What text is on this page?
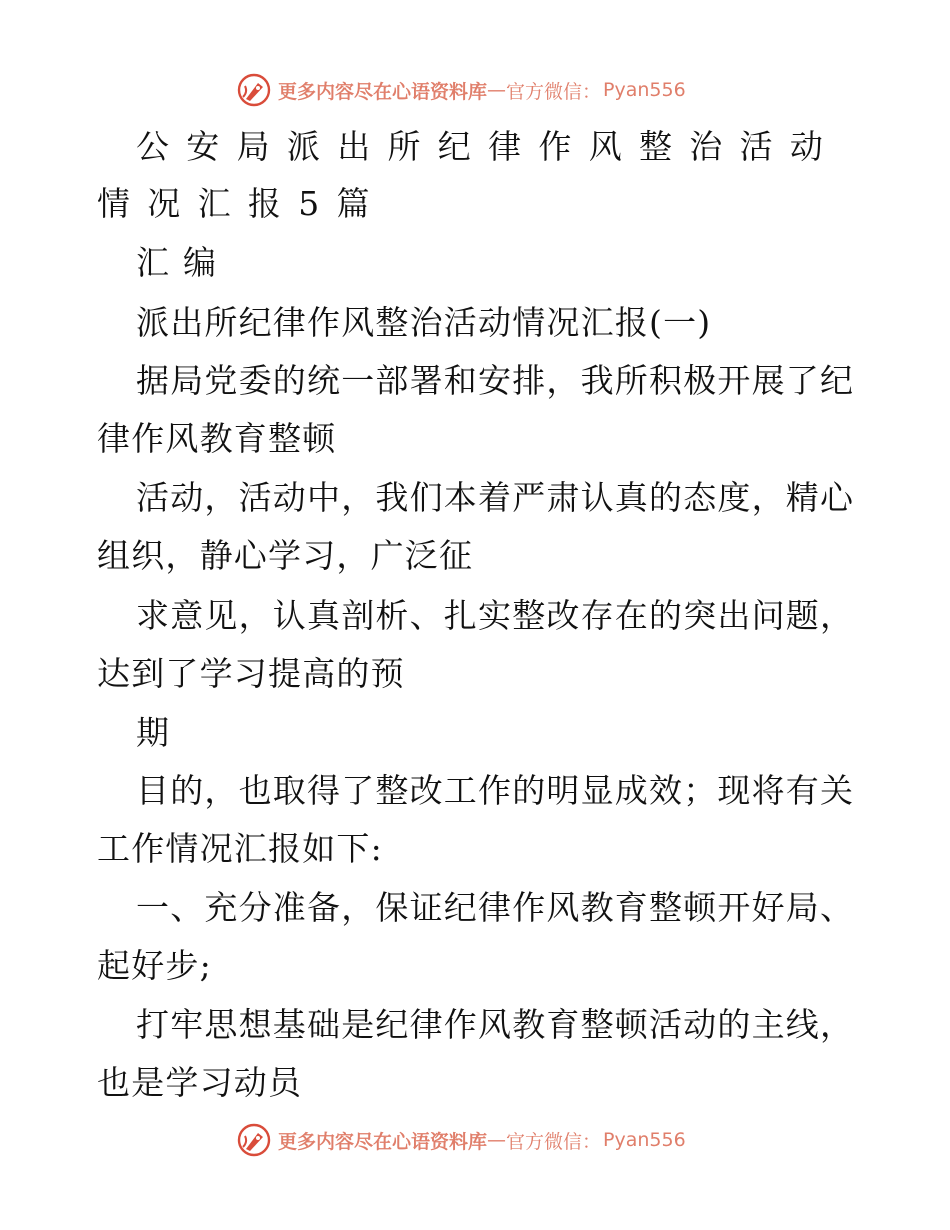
更多内容尽在心语资料库 — 官方微信： Pyan556
公安局派出所纪律作风整治活动
情况汇报5篇
汇编
派出所纪律作风整治活动情况汇报(一)
据局党委的统一部署和安排，我所积极开展了纪
律作风教育整顿
活动，活动中，我们本着严肃认真的态度，精心
组织，静心学习，广泛征
求意见，认真剖析、扎实整改存在的突出问题，
达到了学习提高的预
期
目的，也取得了整改工作的明显成效；现将有关
工作情况汇报如下:
一、充分准备，保证纪律作风教育整顿开好局、
起好步;
打牢思想基础是纪律作风教育整顿活动的主线，
也是学习动员
更多内容尽在心语资料库 — 官方微信： Pyan556
